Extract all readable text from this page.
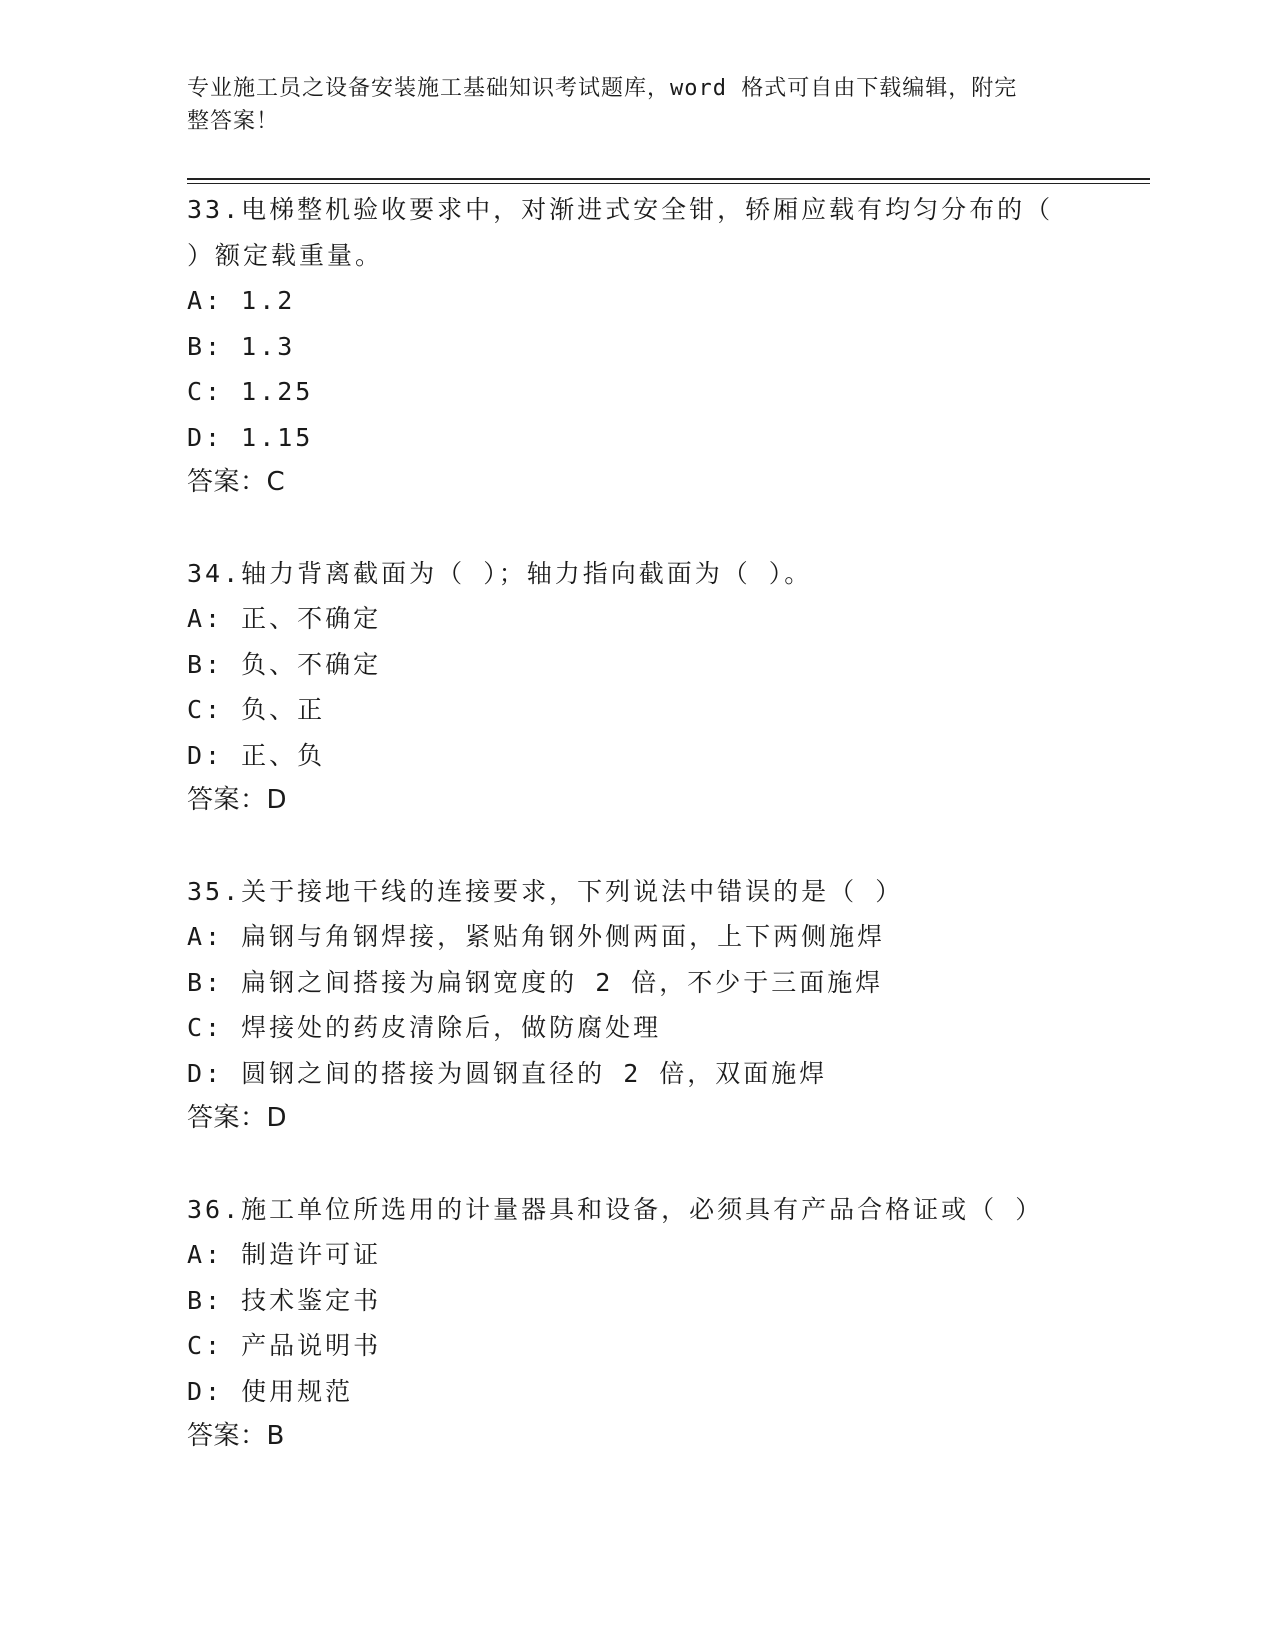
专业施工员之设备安装施工基础知识考试题库，word 格式可自由下载编辑，附完
整答案！
33.电梯整机验收要求中，对渐进式安全钳，轿厢应载有均匀分布的（
）额定载重量。
A: 1.2
B: 1.3
C: 1.25
D: 1.15
答案：C
34.轴力背离截面为（ ）；轴力指向截面为（ ）。
A: 正、不确定
B: 负、不确定
C: 负、正
D: 正、负
答案：D
35.关于接地干线的连接要求，下列说法中错误的是（ ）
A: 扁钢与角钢焊接，紧贴角钢外侧两面，上下两侧施焊
B: 扁钢之间搭接为扁钢宽度的 2 倍，不少于三面施焊
C: 焊接处的药皮清除后，做防腐处理
D: 圆钢之间的搭接为圆钢直径的 2 倍，双面施焊
答案：D
36.施工单位所选用的计量器具和设备，必须具有产品合格证或（ ）
A: 制造许可证
B: 技术鉴定书
C: 产品说明书
D: 使用规范
答案：B
